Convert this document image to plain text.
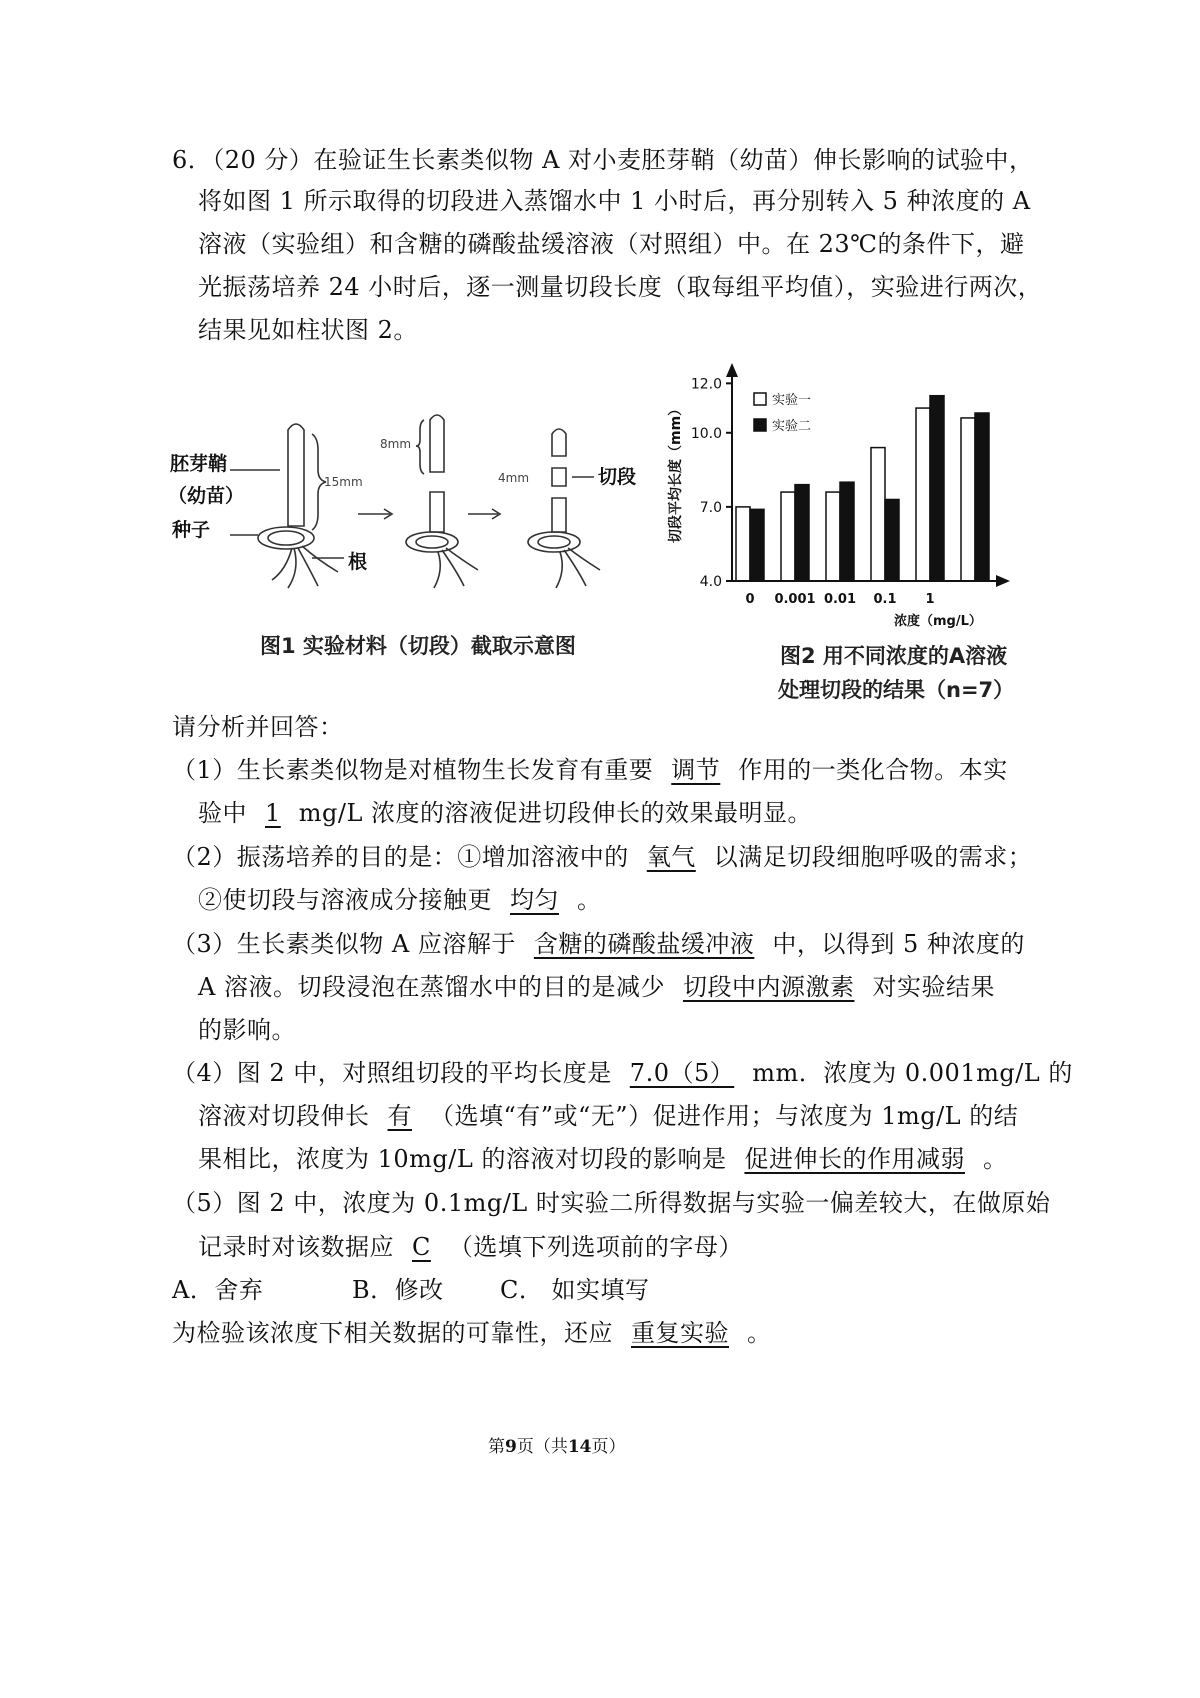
6．（20 分）在验证生长素类似物 A 对小麦胚芽鞘（幼苗）伸长影响的试验中，
将如图 1 所示取得的切段进入蒸馏水中 1 小时后，再分别转入 5 种浓度的 A
溶液（实验组）和含糖的磷酸盐缓溶液（对照组）中。在 23℃的条件下，避
光振荡培养 24 小时后，逐一测量切段长度（取每组平均值），实验进行两次，
结果见如柱状图 2。
胚芽鞘
（幼苗）
种子
根
15mm
8mm
4mm	切段
图1 实验材料（切段）截取示意图
切段平均长度（mm）
浓度（mg/L）
4.0
7.0
10.0
12.0
0 0.001 0.01 0.1 1
实验一
实验二
图2 用不同浓度的A溶液
处理切段的结果（n=7）
请分析并回答：
（1）生长素类似物是对植物生长发育有重要 调节 作用的一类化合物。本实
验中 1 mg/L 浓度的溶液促进切段伸长的效果最明显。
（2）振荡培养的目的是：①增加溶液中的 氧气 以满足切段细胞呼吸的需求；
②使切段与溶液成分接触更 均匀 。
（3）生长素类似物 A 应溶解于 含糖的磷酸盐缓冲液 中，以得到 5 种浓度的
A 溶液。切段浸泡在蒸馏水中的目的是减少 切段中内源激素 对实验结果
的影响。
（4）图 2 中，对照组切段的平均长度是 7.0（5） mm．浓度为 0.001mg/L 的
溶液对切段伸长 有 （选填“有”或“无”）促进作用；与浓度为 1mg/L 的结
果相比，浓度为 10mg/L 的溶液对切段的影响是 促进伸长的作用减弱 。
（5）图 2 中，浓度为 0.1mg/L 时实验二所得数据与实验一偏差较大，在做原始
记录时对该数据应 C （选填下列选项前的字母）
A．舍弃	B．修改 C． 如实填写
为检验该浓度下相关数据的可靠性，还应 重复实验 。
第9页（共14页）
